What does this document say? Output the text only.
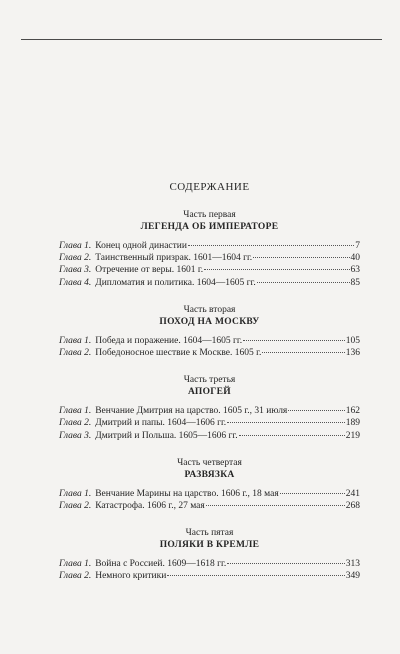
СОДЕРЖАНИЕ
Часть первая
ЛЕГЕНДА ОБ ИМПЕРАТОРЕ
Глава 1. Конец одной династии	7
Глава 2. Таинственный призрак. 1601—1604 гг.	40
Глава 3. Отречение от веры. 1601 г.	63
Глава 4. Дипломатия и политика. 1604—1605 гг.	85
Часть вторая
ПОХОД НА МОСКВУ
Глава 1. Победа и поражение. 1604—1605 гг.	105
Глава 2. Победоносное шествие к Москве. 1605 г.	136
Часть третья
АПОГЕЙ
Глава 1. Венчание Дмитрия на царство. 1605 г., 31 июля	162
Глава 2. Дмитрий и папы. 1604—1606 гг.	189
Глава 3. Дмитрий и Польша. 1605—1606 гг.	219
Часть четвертая
РАЗВЯЗКА
Глава 1. Венчание Марины на царство. 1606 г., 18 мая	241
Глава 2. Катастрофа. 1606 г., 27 мая	268
Часть пятая
ПОЛЯКИ В КРЕМЛЕ
Глава 1. Война с Россией. 1609—1618 гг.	313
Глава 2. Немного критики	349
